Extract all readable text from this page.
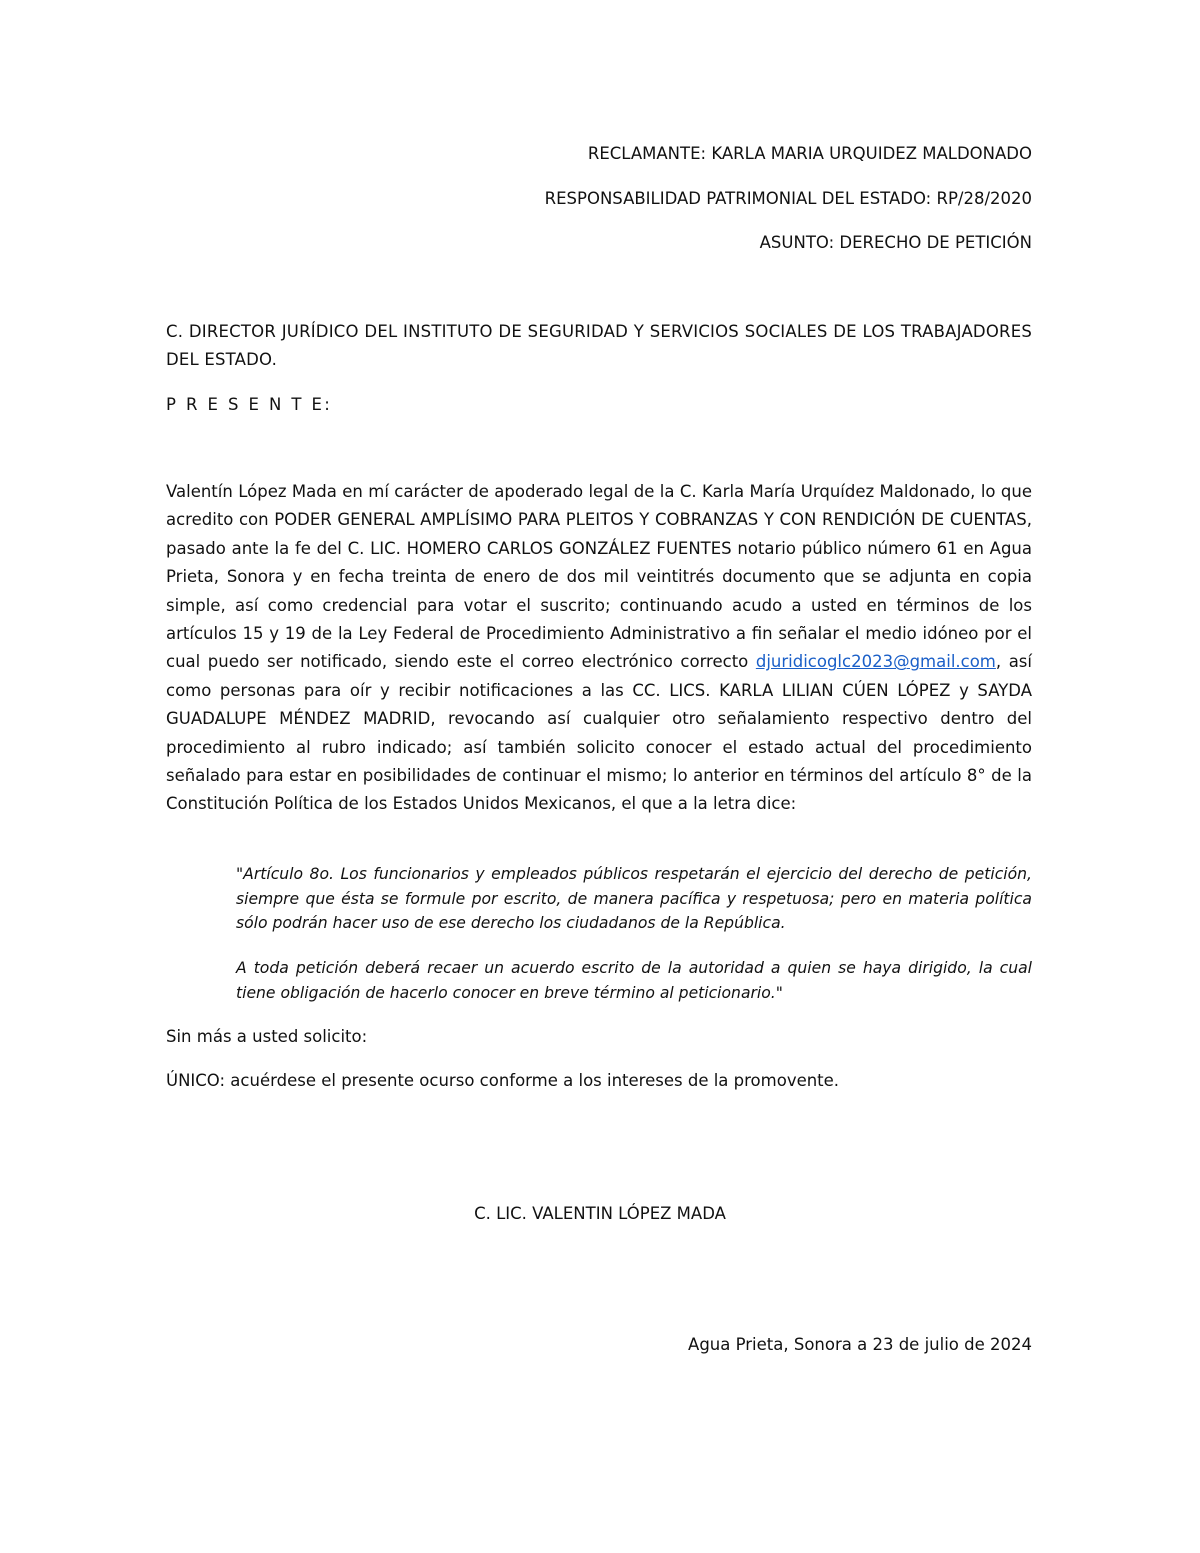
RECLAMANTE: KARLA MARIA URQUIDEZ MALDONADO

RESPONSABILIDAD PATRIMONIAL DEL ESTADO: RP/28/2020

ASUNTO: DERECHO DE PETICIÓN

C. DIRECTOR JURÍDICO DEL INSTITUTO DE SEGURIDAD Y SERVICIOS SOCIALES DE LOS TRABAJADORES DEL ESTADO.

P R E S E N T E:

Valentín López Mada en mí carácter de apoderado legal de la C. Karla María Urquídez Maldonado, lo que acredito con PODER GENERAL AMPLÍSIMO PARA PLEITOS Y COBRANZAS Y CON RENDICIÓN DE CUENTAS, pasado ante la fe del C. LIC. HOMERO CARLOS GONZÁLEZ FUENTES notario público número 61 en Agua Prieta, Sonora y en fecha treinta de enero de dos mil veintitrés documento que se adjunta en copia simple, así como credencial para votar el suscrito; continuando acudo a usted en términos de los artículos 15 y 19 de la Ley Federal de Procedimiento Administrativo a fin señalar el medio idóneo por el cual puedo ser notificado, siendo este el correo electrónico correcto djuridicoglc2023@gmail.com, así como personas para oír y recibir notificaciones a las CC. LICS. KARLA LILIAN CÚEN LÓPEZ y SAYDA GUADALUPE MÉNDEZ MADRID, revocando así cualquier otro señalamiento respectivo dentro del procedimiento al rubro indicado; así también solicito conocer el estado actual del procedimiento señalado para estar en posibilidades de continuar el mismo; lo anterior en términos del artículo 8° de la Constitución Política de los Estados Unidos Mexicanos, el que a la letra dice:

"Artículo 8o. Los funcionarios y empleados públicos respetarán el ejercicio del derecho de petición, siempre que ésta se formule por escrito, de manera pacífica y respetuosa; pero en materia política sólo podrán hacer uso de ese derecho los ciudadanos de la República.

A toda petición deberá recaer un acuerdo escrito de la autoridad a quien se haya dirigido, la cual tiene obligación de hacerlo conocer en breve término al peticionario."

Sin más a usted solicito:

ÚNICO: acuérdese el presente ocurso conforme a los intereses de la promovente.

C. LIC. VALENTIN LÓPEZ MADA

Agua Prieta, Sonora a 23 de julio de 2024
